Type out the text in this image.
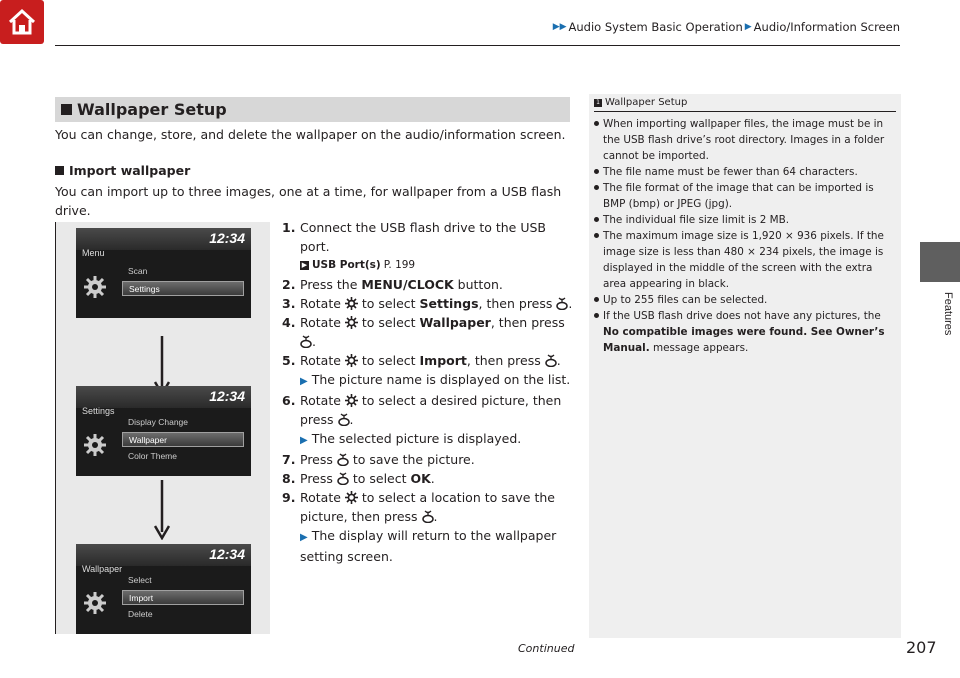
▶▶ Audio System Basic Operation ▶ Audio/Information Screen
Features
Wallpaper Setup
You can change, store, and delete the wallpaper on the audio/information screen.
Import wallpaper
You can import up to three images, one at a time, for wallpaper from a USB flash drive.
12:34
Menu
Scan
Settings
12:34
Settings
Display Change
Wallpaper
Color Theme
12:34
Wallpaper
Select
Import
Delete
1. Connect the USB flash drive to the USB port.
▶ USB Port(s) P. 199
2. Press the MENU/CLOCK button.
3. Rotate  to select Settings, then press .
4. Rotate  to select Wallpaper, then press .
5. Rotate  to select Import, then press .
▶ The picture name is displayed on the list.
6. Rotate  to select a desired picture, then press .
▶ The selected picture is displayed.
7. Press  to save the picture.
8. Press  to select OK.
9. Rotate  to select a location to save the picture, then press .
▶ The display will return to the wallpaper setting screen.
1 Wallpaper Setup
When importing wallpaper files, the image must be in the USB flash drive’s root directory. Images in a folder cannot be imported.
The file name must be fewer than 64 characters.
The file format of the image that can be imported is BMP (bmp) or JPEG (jpg).
The individual file size limit is 2 MB.
The maximum image size is 1,920 × 936 pixels. If the image size is less than 480 × 234 pixels, the image is displayed in the middle of the screen with the extra area appearing in black.
Up to 255 files can be selected.
If the USB flash drive does not have any pictures, the No compatible images were found. See Owner’s Manual. message appears.
Continued	207
